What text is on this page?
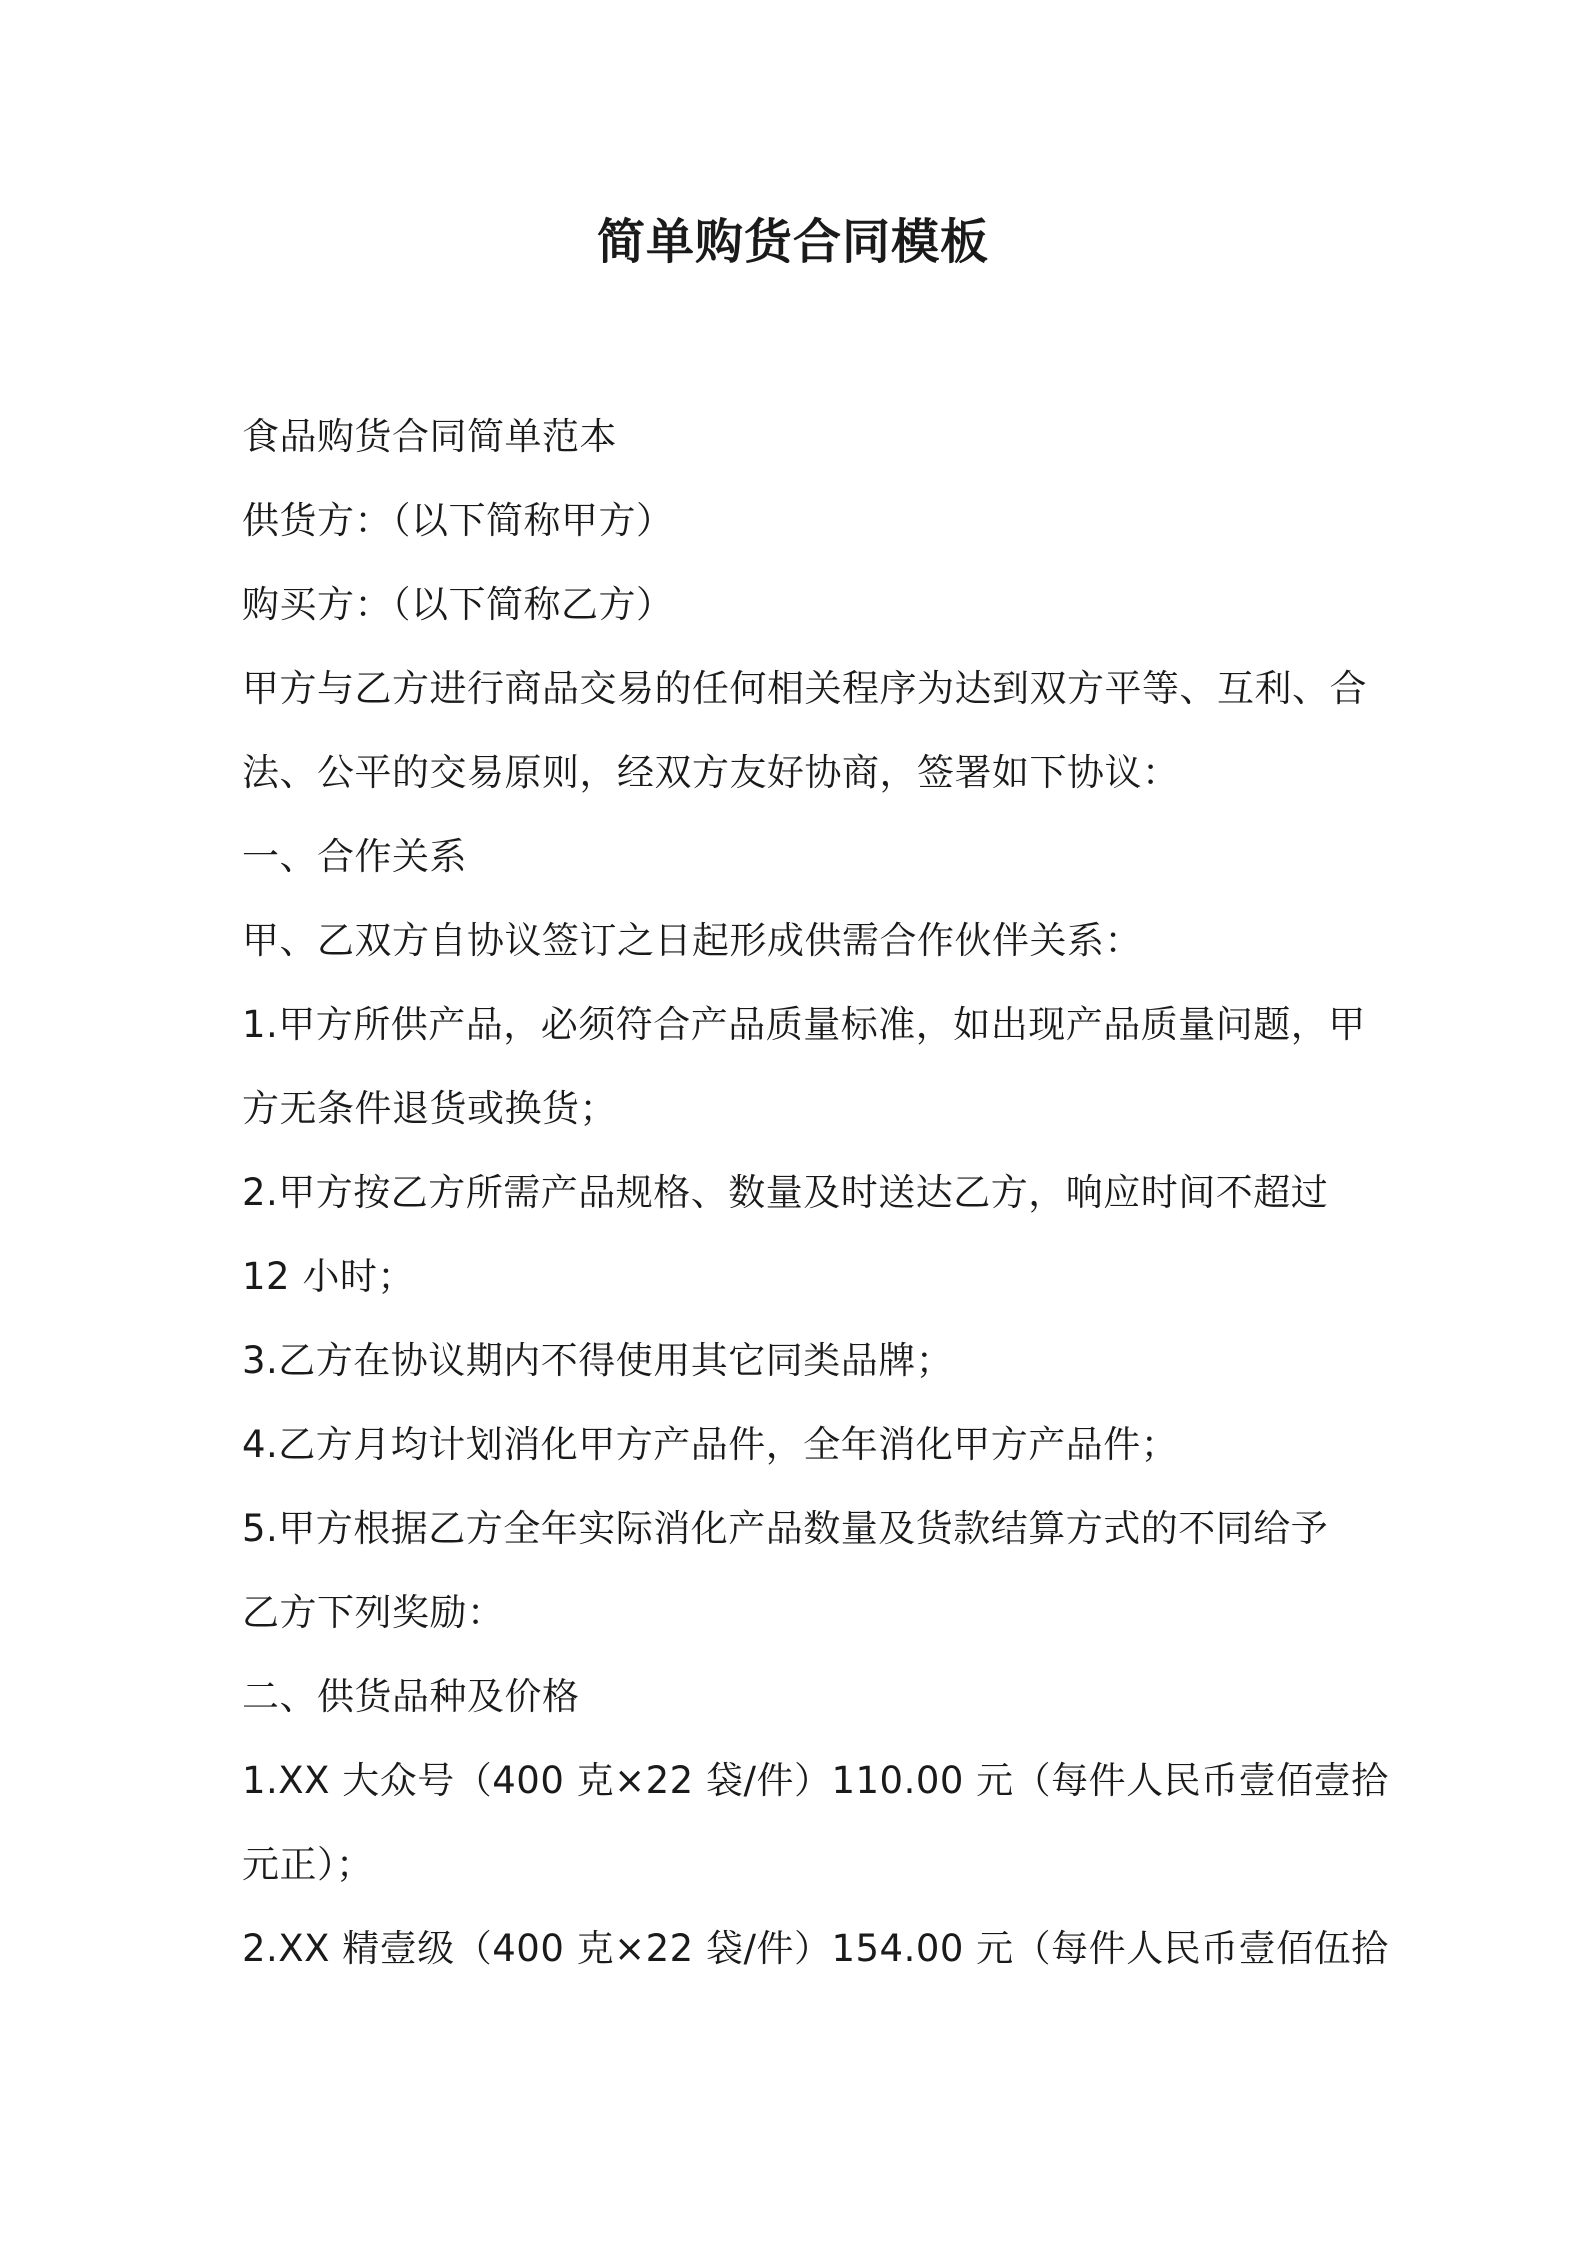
简单购货合同模板
食品购货合同简单范本
供货方：（以下简称甲方）
购买方：（以下简称乙方）
甲方与乙方进行商品交易的任何相关程序为达到双方平等、互利、合
法、公平的交易原则，经双方友好协商，签署如下协议：
一、合作关系
甲、乙双方自协议签订之日起形成供需合作伙伴关系：
1.甲方所供产品，必须符合产品质量标准，如出现产品质量问题，甲
方无条件退货或换货；
2.甲方按乙方所需产品规格、数量及时送达乙方，响应时间不超过
12 小时；
3.乙方在协议期内不得使用其它同类品牌；
4.乙方月均计划消化甲方产品件，全年消化甲方产品件；
5.甲方根据乙方全年实际消化产品数量及货款结算方式的不同给予
乙方下列奖励：
二、供货品种及价格
1.XX 大众号（400 克×22 袋/件）110.00 元（每件人民币壹佰壹拾
元正）；
2.XX 精壹级（400 克×22 袋/件）154.00 元（每件人民币壹佰伍拾
